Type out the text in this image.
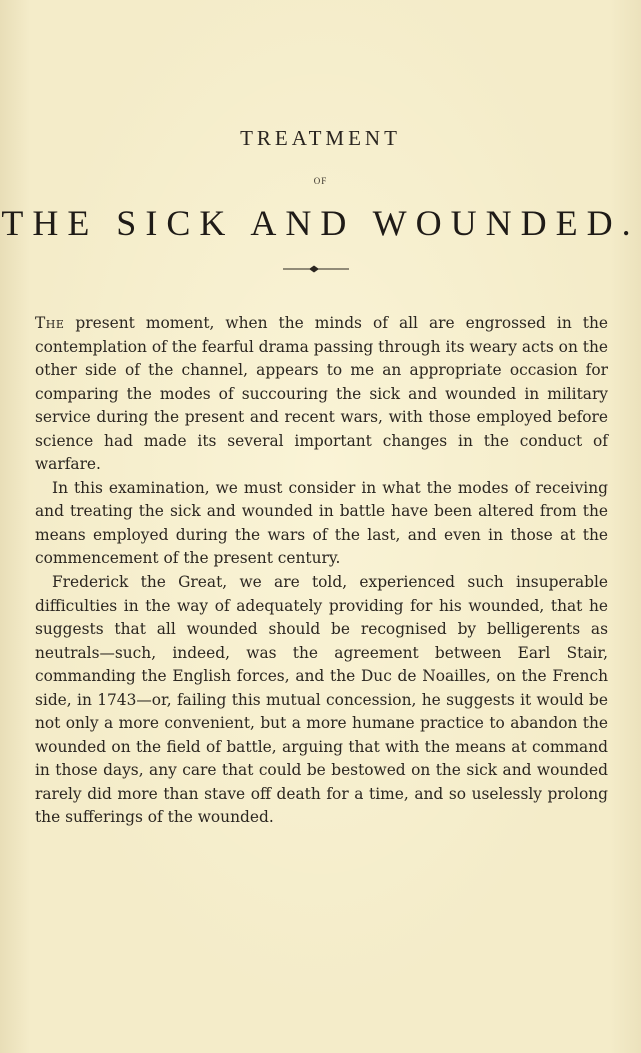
TREATMENT
OF
THE SICK AND WOUNDED.

The present moment, when the minds of all are engrossed in the contemplation of the fearful drama passing through its weary acts on the other side of the channel, appears to me an appropriate occasion for comparing the modes of succouring the sick and wounded in military service during the present and recent wars, with those employed before science had made its several important changes in the conduct of warfare.

In this examination, we must consider in what the modes of receiving and treating the sick and wounded in battle have been altered from the means employed during the wars of the last, and even in those at the commencement of the present century.

Frederick the Great, we are told, experienced such insuperable difficulties in the way of adequately providing for his wounded, that he suggests that all wounded should be recognised by belligerents as neutrals—such, indeed, was the agreement between Earl Stair, commanding the English forces, and the Duc de Noailles, on the French side, in 1743—or, failing this mutual concession, he suggests it would be not only a more convenient, but a more humane practice to abandon the wounded on the field of battle, arguing that with the means at command in those days, any care that could be bestowed on the sick and wounded rarely did more than stave off death for a time, and so uselessly prolong the sufferings of the wounded.
